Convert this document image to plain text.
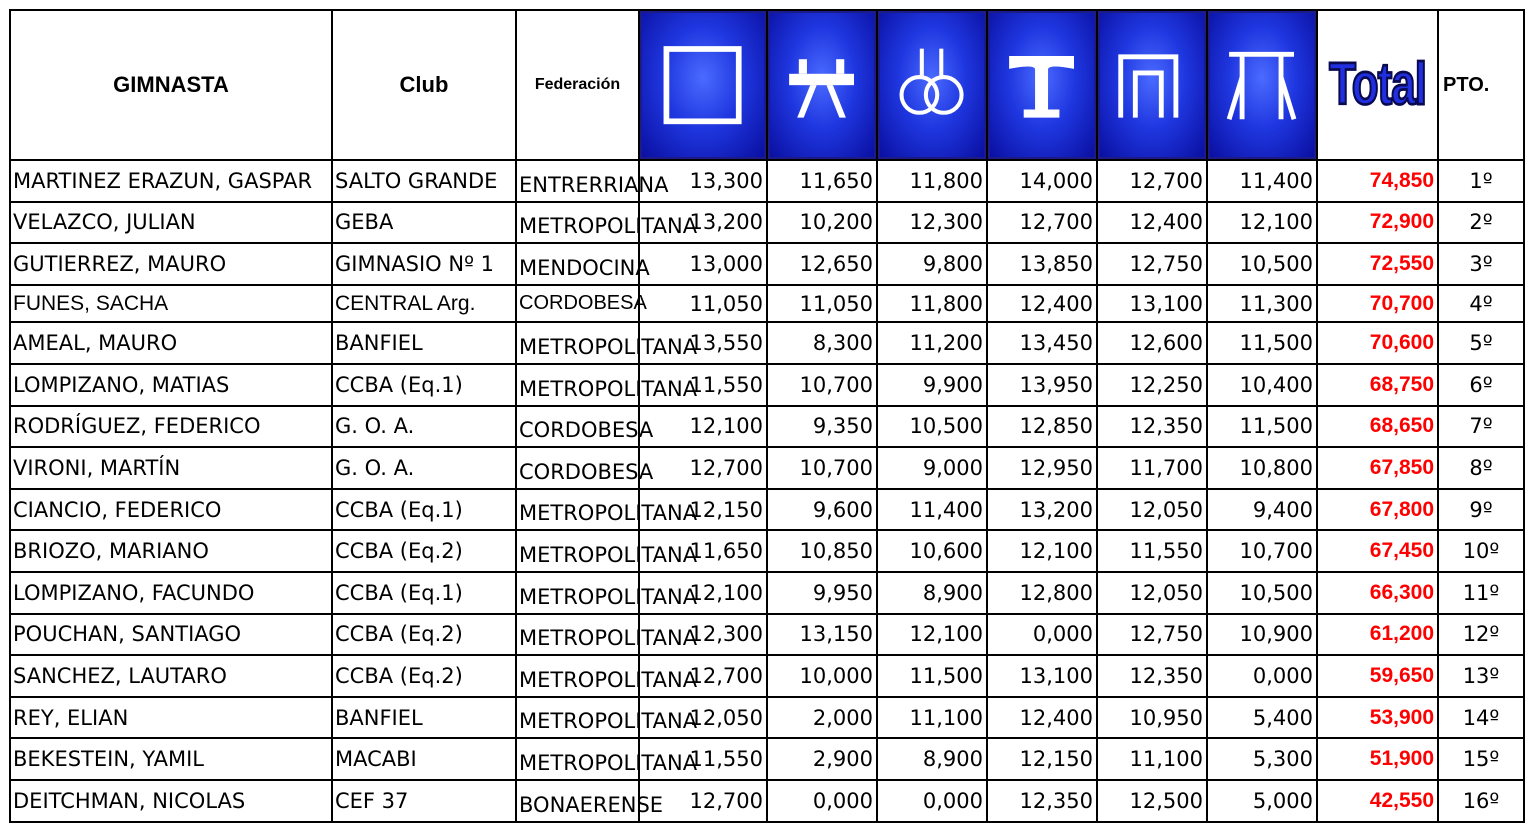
GIMNASTA	Club	Federación							Total	PTO.
MARTINEZ ERAZUN, GASPAR	SALTO GRANDE	ENTRERRIANA	13,300	11,650	11,800	14,000	12,700	11,400	74,850	1º
VELAZCO, JULIAN	GEBA	METROPOLITANA	13,200	10,200	12,300	12,700	12,400	12,100	72,900	2º
GUTIERREZ, MAURO	GIMNASIO Nº 1	MENDOCINA	13,000	12,650	9,800	13,850	12,750	10,500	72,550	3º
FUNES, SACHA	CENTRAL Arg.	CORDOBESA	11,050	11,050	11,800	12,400	13,100	11,300	70,700	4º
AMEAL, MAURO	BANFIEL	METROPOLITANA	13,550	8,300	11,200	13,450	12,600	11,500	70,600	5º
LOMPIZANO, MATIAS	CCBA (Eq.1)	METROPOLITANA	11,550	10,700	9,900	13,950	12,250	10,400	68,750	6º
RODRÍGUEZ, FEDERICO	G. O. A.	CORDOBESA	12,100	9,350	10,500	12,850	12,350	11,500	68,650	7º
VIRONI, MARTÍN	G. O. A.	CORDOBESA	12,700	10,700	9,000	12,950	11,700	10,800	67,850	8º
CIANCIO, FEDERICO	CCBA (Eq.1)	METROPOLITANA	12,150	9,600	11,400	13,200	12,050	9,400	67,800	9º
BRIOZO, MARIANO	CCBA (Eq.2)	METROPOLITANA	11,650	10,850	10,600	12,100	11,550	10,700	67,450	10º
LOMPIZANO, FACUNDO	CCBA (Eq.1)	METROPOLITANA	12,100	9,950	8,900	12,800	12,050	10,500	66,300	11º
POUCHAN, SANTIAGO	CCBA (Eq.2)	METROPOLITANA	12,300	13,150	12,100	0,000	12,750	10,900	61,200	12º
SANCHEZ, LAUTARO	CCBA (Eq.2)	METROPOLITANA	12,700	10,000	11,500	13,100	12,350	0,000	59,650	13º
REY, ELIAN	BANFIEL	METROPOLITANA	12,050	2,000	11,100	12,400	10,950	5,400	53,900	14º
BEKESTEIN, YAMIL	MACABI	METROPOLITANA	11,550	2,900	8,900	12,150	11,100	5,300	51,900	15º
DEITCHMAN, NICOLAS	CEF 37	BONAERENSE	12,700	0,000	0,000	12,350	12,500	5,000	42,550	16º
